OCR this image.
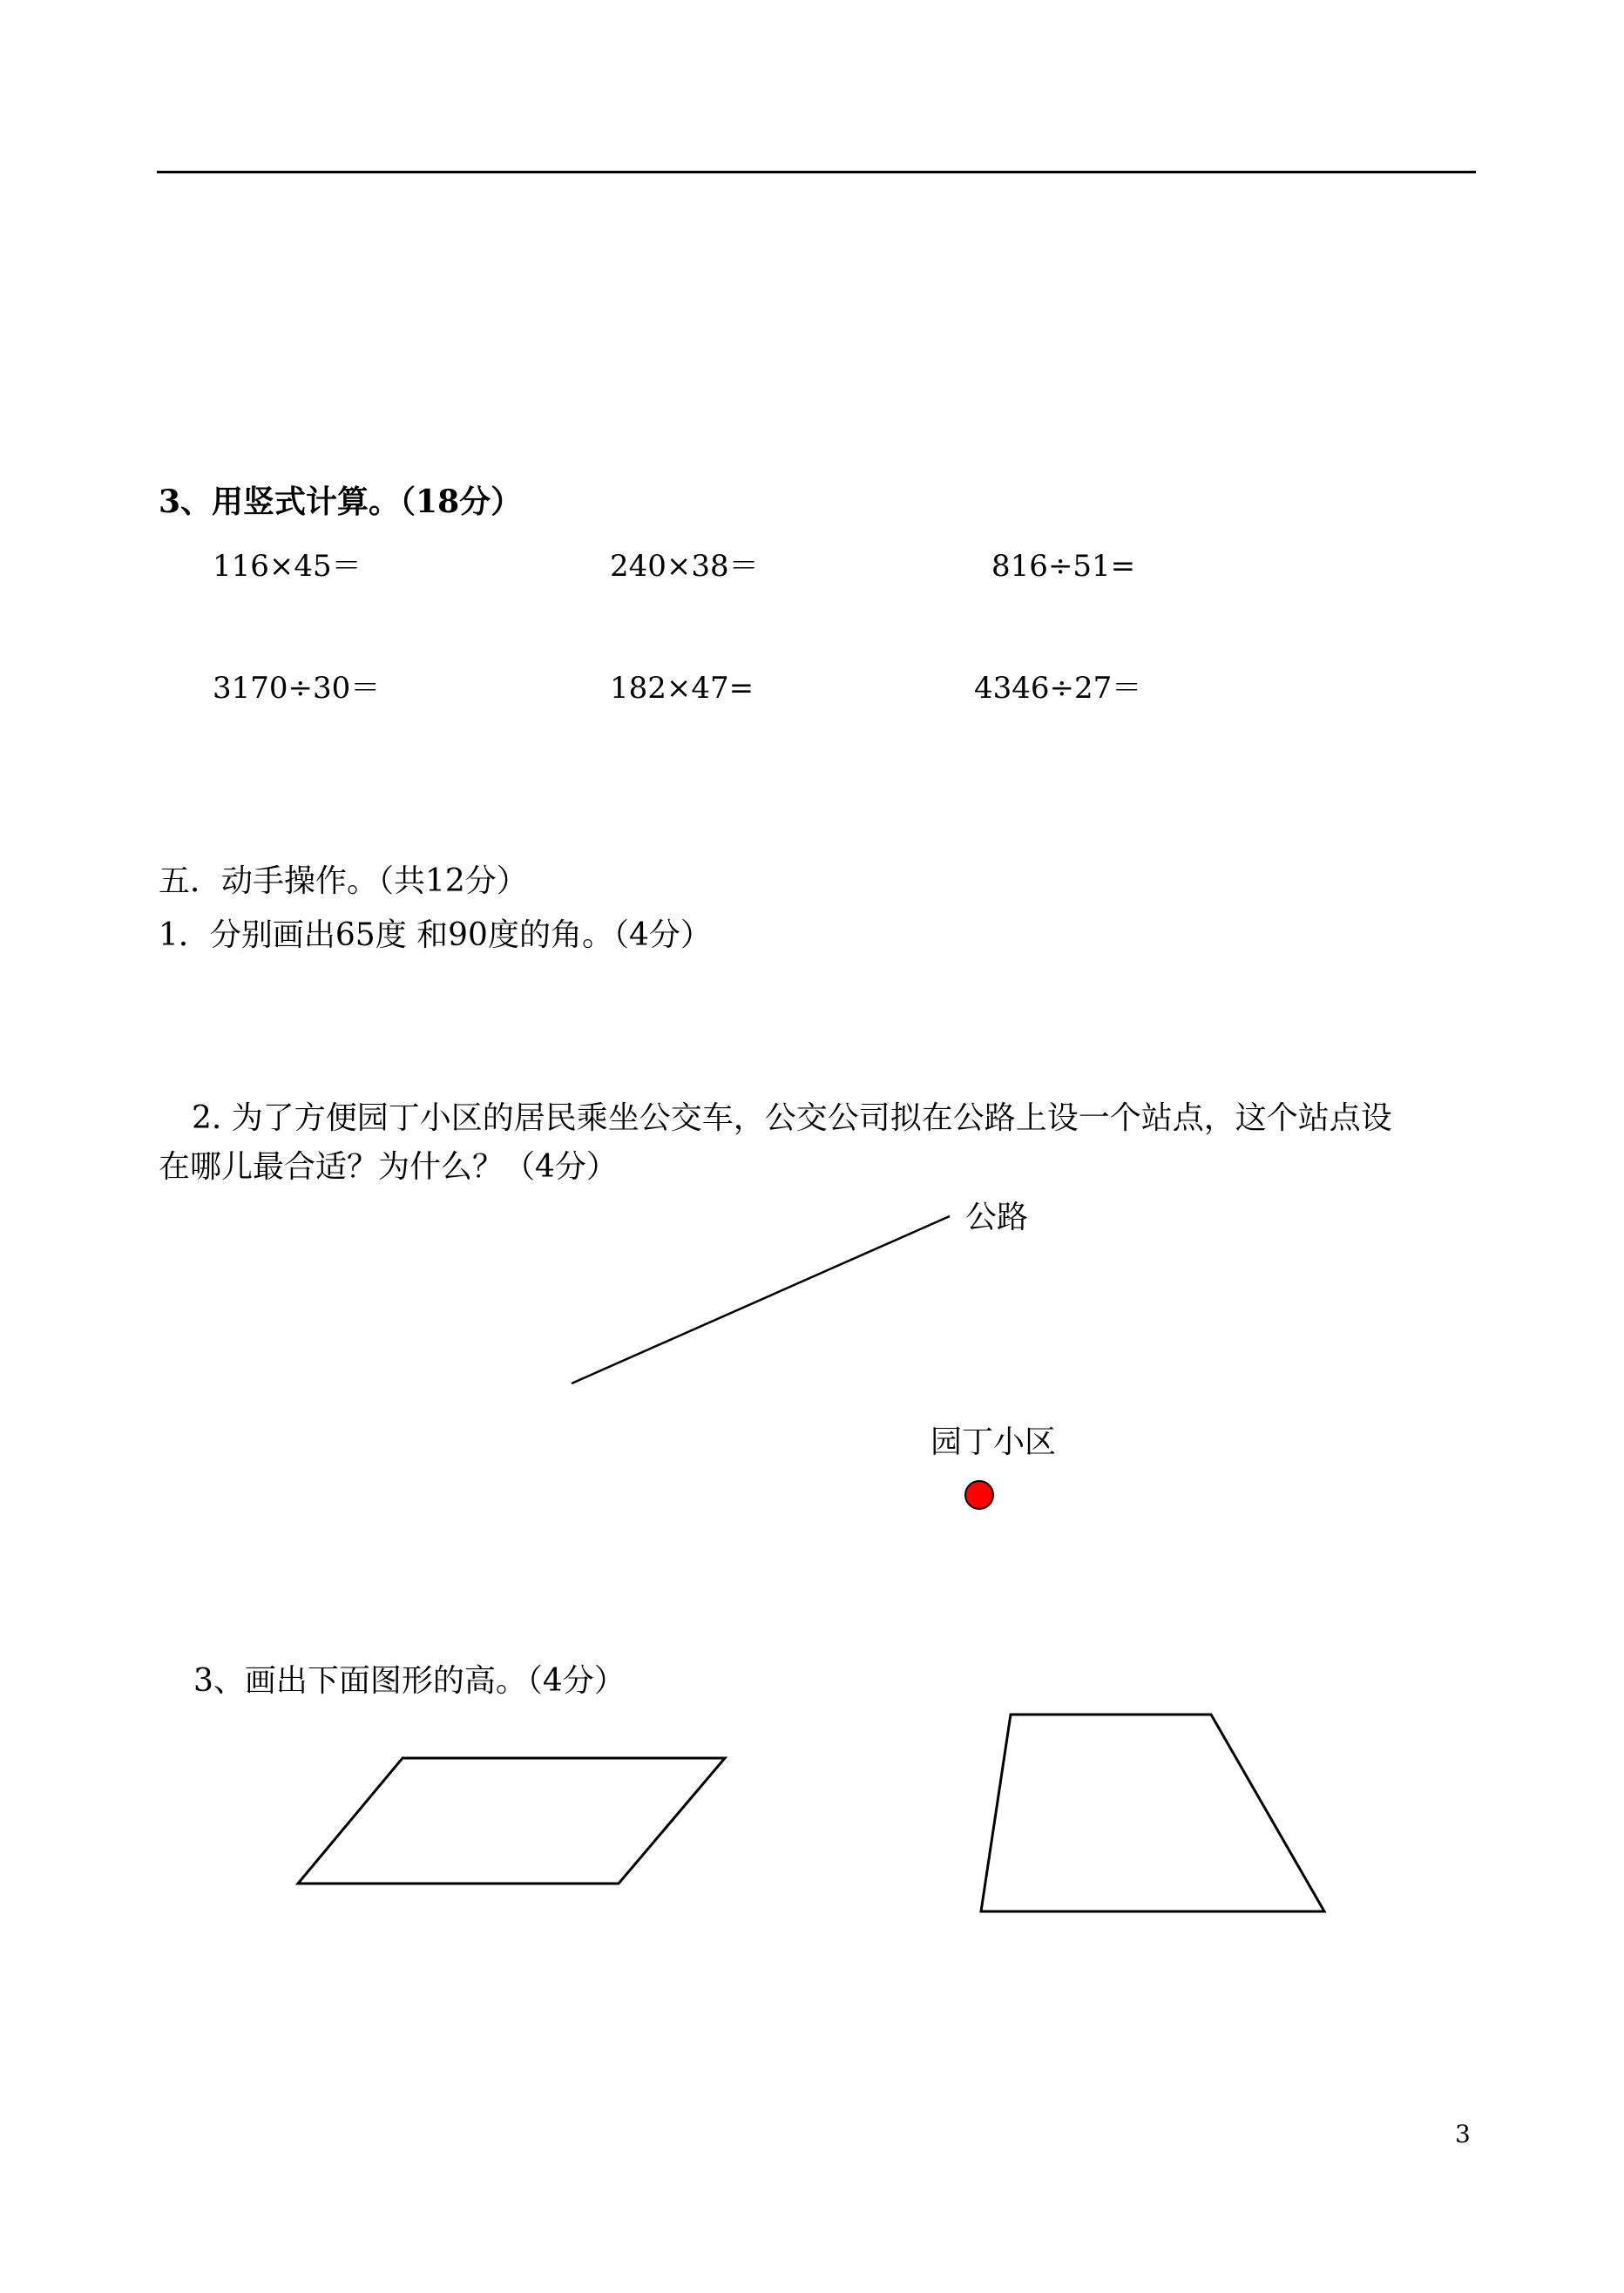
3、用竖式计算。（18分）
116×45＝	240×38＝	816÷51=
3170÷30＝	182×47=	4346÷27＝
五．动手操作。（共12分）
1．分别画出65度 和90度的角。（4分）
2. 为了方便园丁小区的居民乘坐公交车，公交公司拟在公路上设一个站点，这个站点设
在哪儿最合适？为什么？（4分）
公路
园丁小区
3、画出下面图形的高。（4分）
3
